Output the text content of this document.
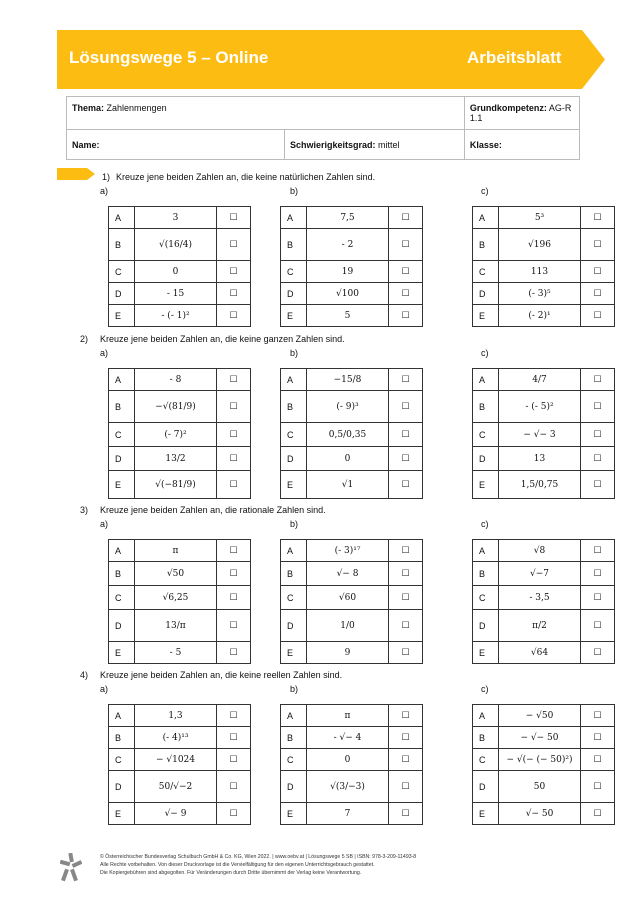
Lösungswege 5 – Online	Arbeitsblatt
Thema: Zahlenmengen		Grundkompetenz: AG-R 1.1
Name:	Schwierigkeitsgrad: mittel	Klasse:
1) Kreuze jene beiden Zahlen an, die keine natürlichen Zahlen sind.
a)
A	3	☐
B	√(16/4)	☐
C	0	☐
D	- 15	☐
E	- (- 1)²	☐
b)
A	7,5	☐
B	- 2	☐
C	19	☐
D	√100	☐
E	5	☐
c)
A	5³	☐
B	√196	☐
C	113	☐
D	(- 3)⁵	☐
E	(- 2)¹	☐
2) Kreuze jene beiden Zahlen an, die keine ganzen Zahlen sind.
a)
A	- 8	☐
B	−√(81/9)	☐
C	(- 7)²	☐
D	13/2	☐
E	√(−81/9)	☐
b)
A	−15/8	☐
B	(- 9)³	☐
C	0,5/0,35	☐
D	0	☐
E	√1	☐
c)
A	4/7	☐
B	- (- 5)²	☐
C	− √− 3	☐
D	13	☐
E	1,5/0,75	☐
3) Kreuze jene beiden Zahlen an, die rationale Zahlen sind.
a)
A	π	☐
B	√50	☐
C	√6,25	☐
D	13/π	☐
E	- 5	☐
b)
A	(- 3)¹⁷	☐
B	√− 8	☐
C	√60	☐
D	1/0	☐
E	9	☐
c)
A	√8	☐
B	√−7	☐
C	- 3,5̇	☐
D	π/2	☐
E	√64	☐
4) Kreuze jene beiden Zahlen an, die keine reellen Zahlen sind.
a)
A	1,3	☐
B	(- 4)¹³	☐
C	− √1024	☐
D	50/√−2	☐
E	√− 9	☐
b)
A	π	☐
B	- √− 4	☐
C	0	☐
D	√(3/−3)	☐
E	7	☐
c)
A	− √50	☐
B	− √− 50	☐
C	− √(− (− 50)²)	☐
D	50	☐
E	√− 50	☐
© Österreichischer Bundesverlag Schulbuch GmbH & Co. KG, Wien 2022. | www.oebv.at | Lösungswege 5 SB | ISBN: 978-3-209-11493-8
Alle Rechte vorbehalten. Von dieser Druckvorlage ist die Vervielfältigung für den eigenen Unterrichtsgebrauch gestattet.
Die Kopiergebühren sind abgegolten. Für Veränderungen durch Dritte übernimmt der Verlag keine Verantwortung.
